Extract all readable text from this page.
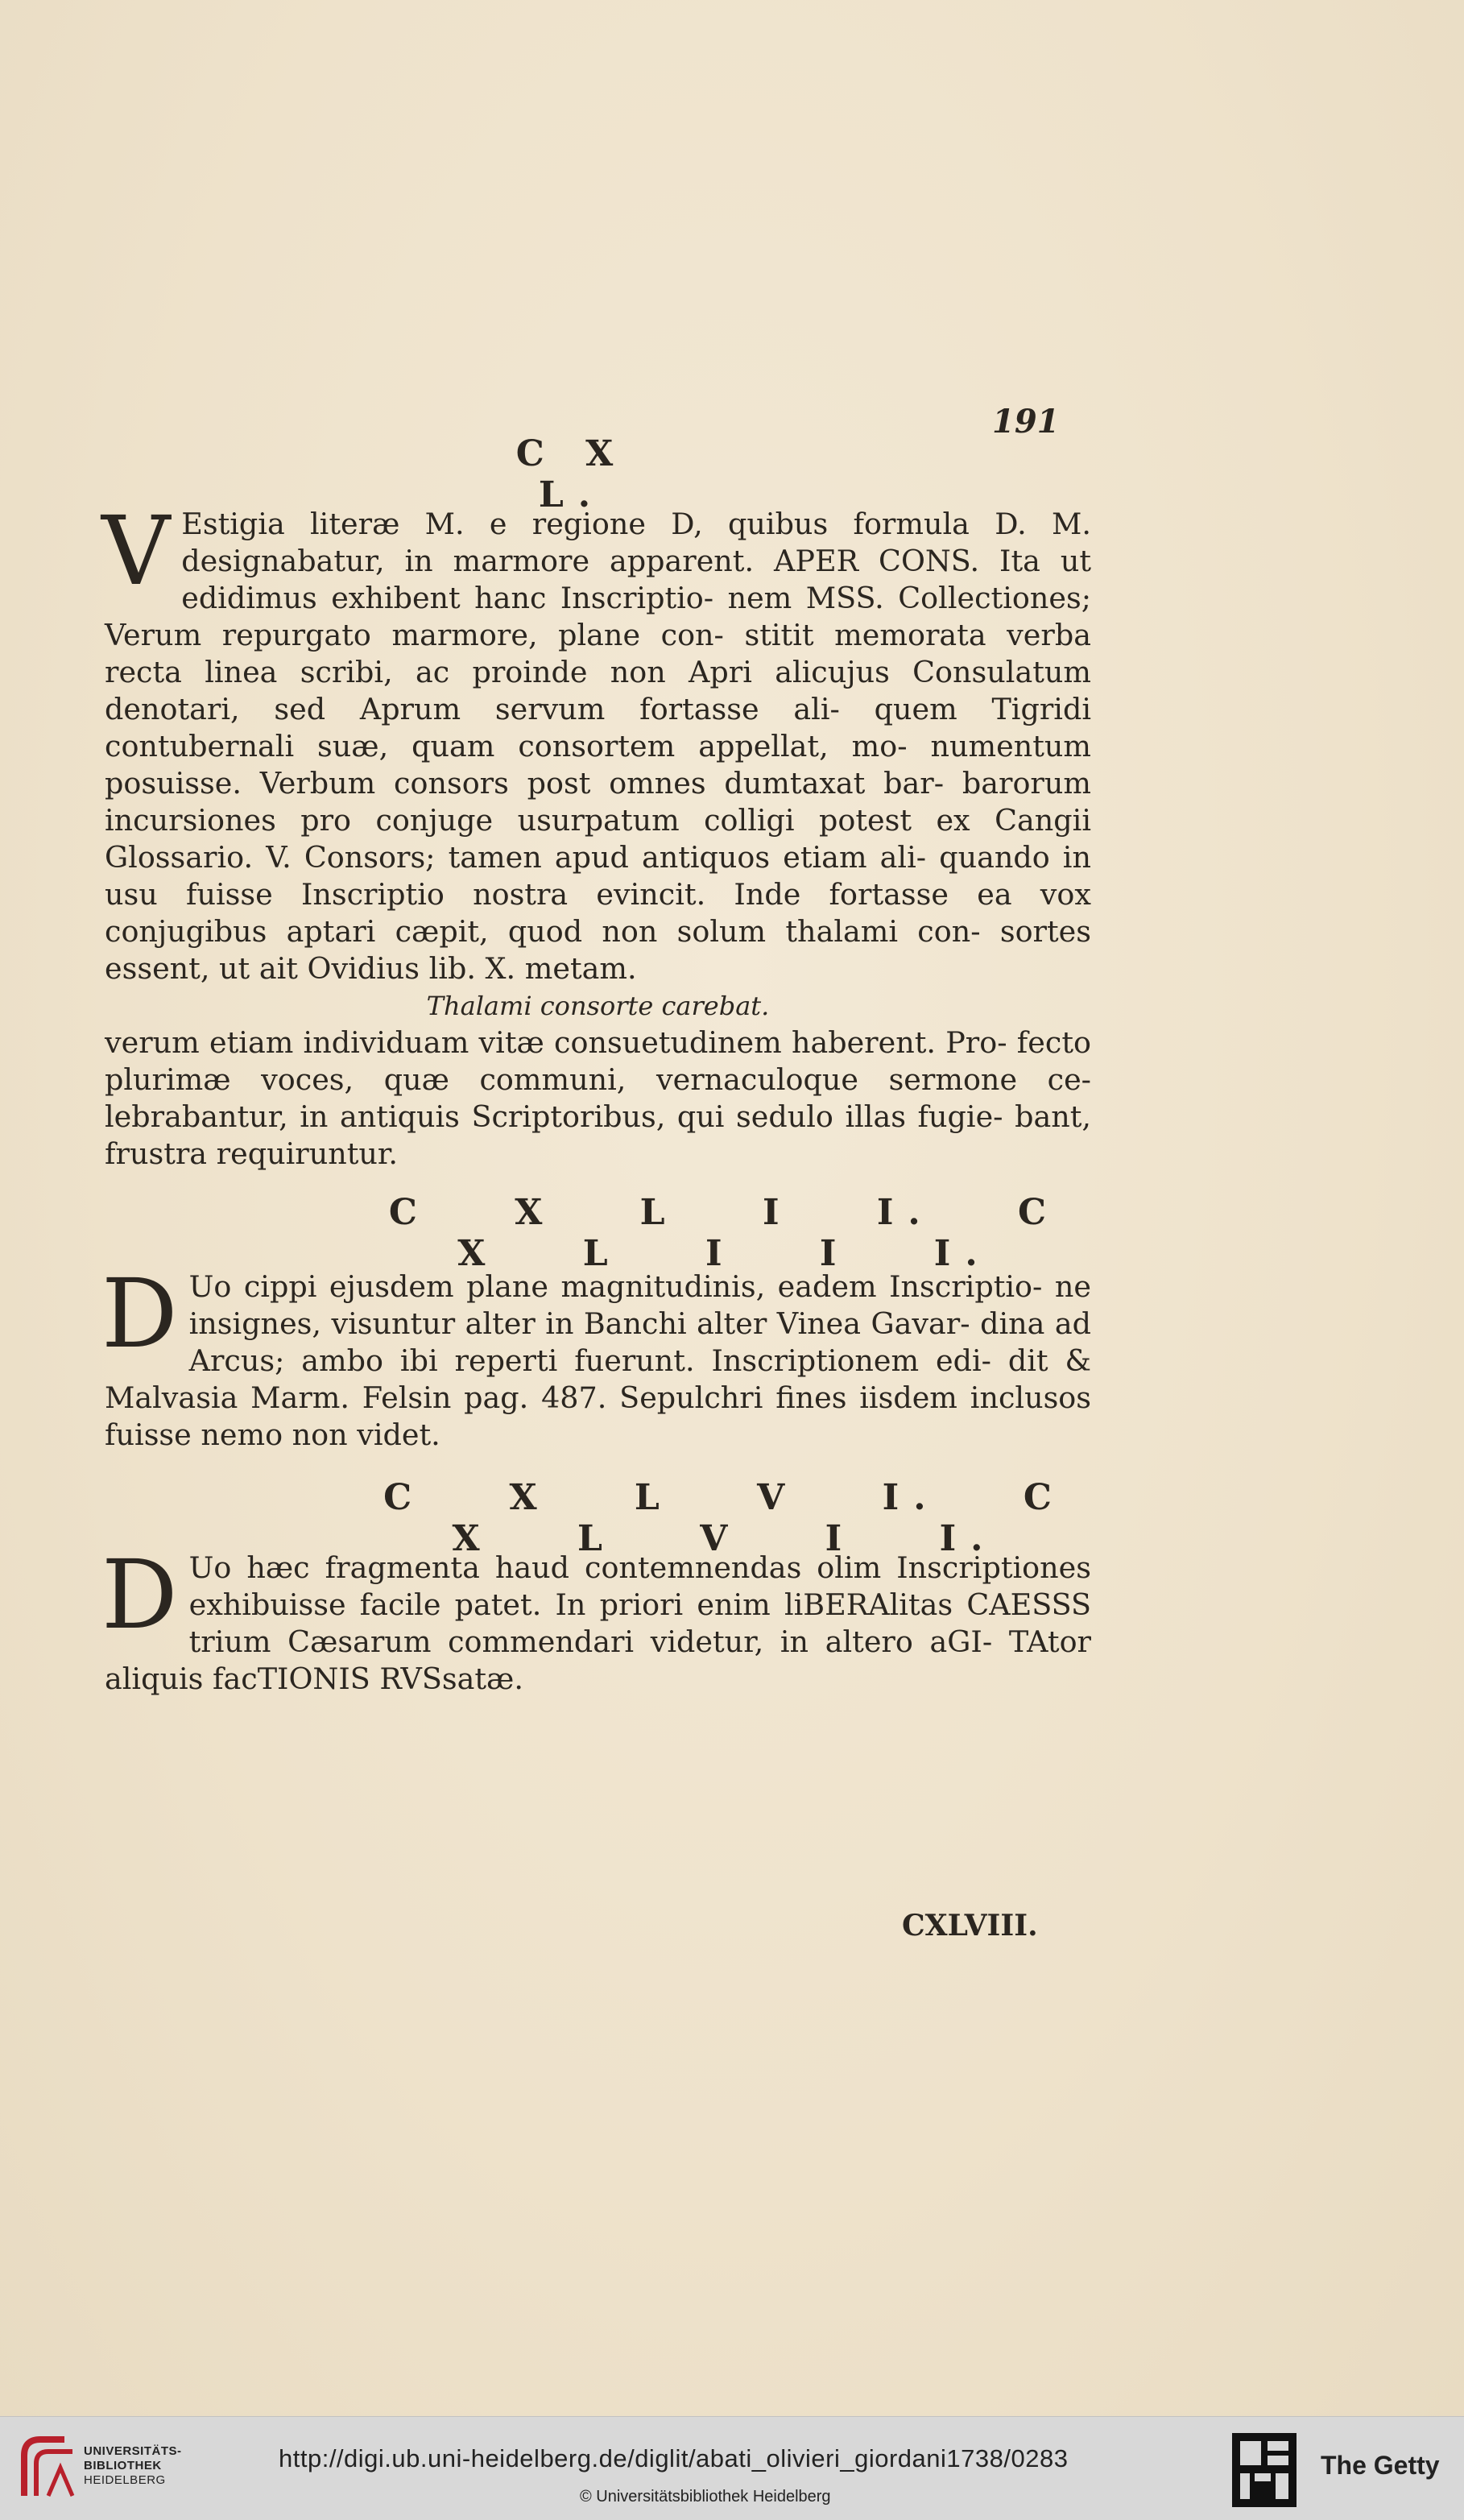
191
C X L.

V Estigia literæ M. e regione D, quibus formula D. M. designabatur, in marmore apparent. APER CONS. Ita ut edidimus exhibent hanc Inscriptio- nem MSS. Collectiones; Verum repurgato marmore, plane con- stitit memorata verba recta linea scribi, ac proinde non Apri alicujus Consulatum denotari, sed Aprum servum fortasse ali- quem Tigridi contubernali suæ, quam consortem appellat, mo- numentum posuisse. Verbum consors post omnes dumtaxat bar- barorum incursiones pro conjuge usurpatum colligi potest ex Cangii Glossario. V. Consors; tamen apud antiquos etiam ali- quando in usu fuisse Inscriptio nostra evincit. Inde fortasse ea vox conjugibus aptari cæpit, quod non solum thalami con- sortes essent, ut ait Ovidius lib. X. metam.

Thalami consorte carebat.

verum etiam individuam vitæ consuetudinem haberent. Pro- fecto plurimæ voces, quæ communi, vernaculoque sermone ce- lebrabantur, in antiquis Scriptoribus, qui sedulo illas fugie- bant, frustra requiruntur.

C X L I I. C X L I I I.

D Uo cippi ejusdem plane magnitudinis, eadem Inscriptio- ne insignes, visuntur alter in Banchi alter Vinea Gavar- dina ad Arcus; ambo ibi reperti fuerunt. Inscriptionem edi- dit & Malvasia Marm. Felsin pag. 487. Sepulchri fines iisdem inclusos fuisse nemo non videt.

C X L V I. C X L V I I.

D Uo hæc fragmenta haud contemnendas olim Inscriptiones exhibuisse facile patet. In priori enim liBERAlitas CAESSS trium Cæsarum commendari videtur, in altero aGI- TAtor aliquis facTIONIS RVSsatæ.

CXLVIII.
UNIVERSITÄTS-
BIBLIOTHEK
HEIDELBERG
http://digi.ub.uni-heidelberg.de/diglit/abati_olivieri_giordani1738/0283
© Universitätsbibliothek Heidelberg
The Getty
